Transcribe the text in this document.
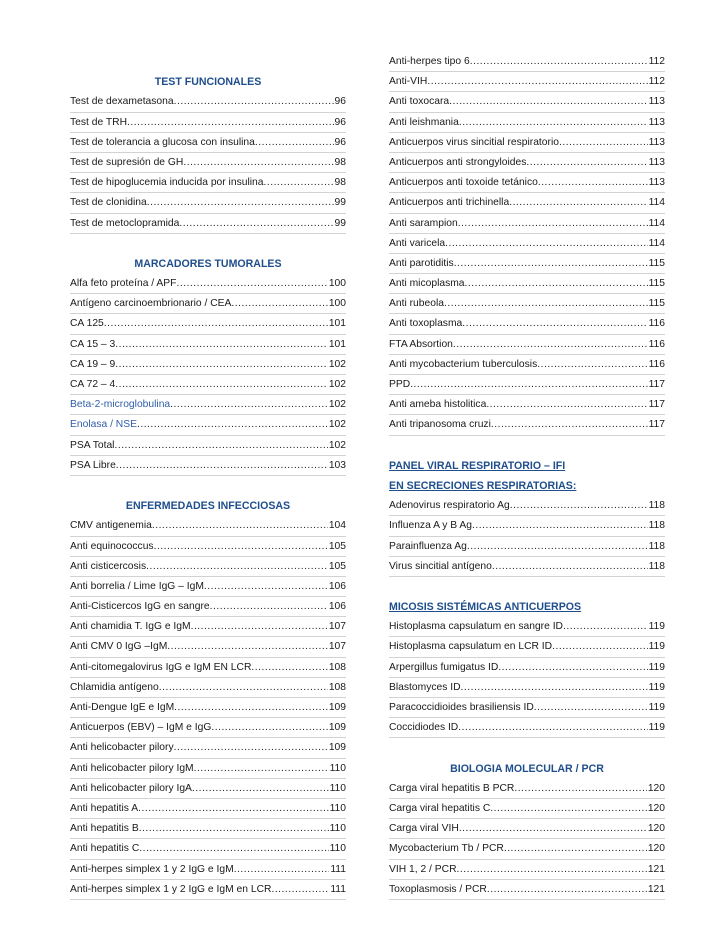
TEST FUNCIONALES
Test de dexametasona .....	96
Test de TRH .....	96
Test de tolerancia a glucosa con insulina .....	96
Test de supresión de GH .....	98
Test de hipoglucemia inducida por insulina .....	98
Test de clonidina .....	99
Test de metoclopramida .....	99
MARCADORES TUMORALES
Alfa feto proteína / APF .....	100
Antígeno carcinoembrionario / CEA .....	100
CA 125 .....	101
CA 15 – 3 .....	101
CA 19 – 9 .....	102
CA 72 – 4 .....	102
Beta-2-microglobulina .....	102
Enolasa / NSE .....	102
PSA Total .....	102
PSA Libre .....	103
ENFERMEDADES INFECCIOSAS
CMV antigenemia .....	104
Anti equinococcus .....	105
Anti cisticercosis .....	105
Anti borrelia / Lime IgG – IgM .....	106
Anti-Cisticercos IgG en sangre .....	106
Anti chamidia T. IgG e IgM .....	107
Anti CMV 0 IgG –IgM .....	107
Anti-citomegalovirus IgG e IgM EN LCR .....	108
Chlamidia antígeno .....	108
Anti-Dengue IgE e IgM .....	109
Anticuerpos (EBV) – IgM e IgG .....	109
Anti helicobacter pilory .....	109
Anti helicobacter pilory IgM .....	110
Anti helicobacter pilory IgA .....	110
Anti hepatitis A .....	110
Anti hepatitis B .....	110
Anti hepatitis C .....	110
Anti-herpes simplex 1 y 2 IgG e IgM .....	111
Anti-herpes simplex 1 y 2 IgG e IgM en LCR .....	111
Anti-herpes tipo 6 .....	112
Anti-VIH .....	112
Anti toxocara .....	113
Anti leishmania .....	113
Anticuerpos virus sincitial respiratorio .....	113
Anticuerpos anti strongyloides .....	113
Anticuerpos anti toxoide tetánico .....	113
Anticuerpos anti trichinella .....	114
Anti sarampion .....	114
Anti varicela .....	114
Anti parotiditis .....	115
Anti micoplasma .....	115
Anti rubeola .....	115
Anti toxoplasma .....	116
FTA Absortion .....	116
Anti mycobacterium tuberculosis .....	116
PPD .....	117
Anti ameba histolitica .....	117
Anti tripanosoma cruzi .....	117
PANEL VIRAL RESPIRATORIO – IFI
EN SECRECIONES RESPIRATORIAS:
Adenovirus respiratorio Ag .....	118
Influenza A y B Ag .....	118
Parainfluenza Ag .....	118
Virus sincitial antígeno .....	118
MICOSIS SISTÉMICAS ANTICUERPOS
Histoplasma capsulatum en sangre ID .....	119
Histoplasma capsulatum en LCR ID .....	119
Arpergillus fumigatus ID .....	119
Blastomyces ID .....	119
Paracoccidioides brasiliensis ID .....	119
Coccidiodes ID .....	119
BIOLOGIA MOLECULAR / PCR
Carga viral hepatitis B PCR .....	120
Carga viral hepatitis C .....	120
Carga viral VIH .....	120
Mycobacterium Tb / PCR .....	120
VIH 1, 2 / PCR .....	121
Toxoplasmosis / PCR .....	121
